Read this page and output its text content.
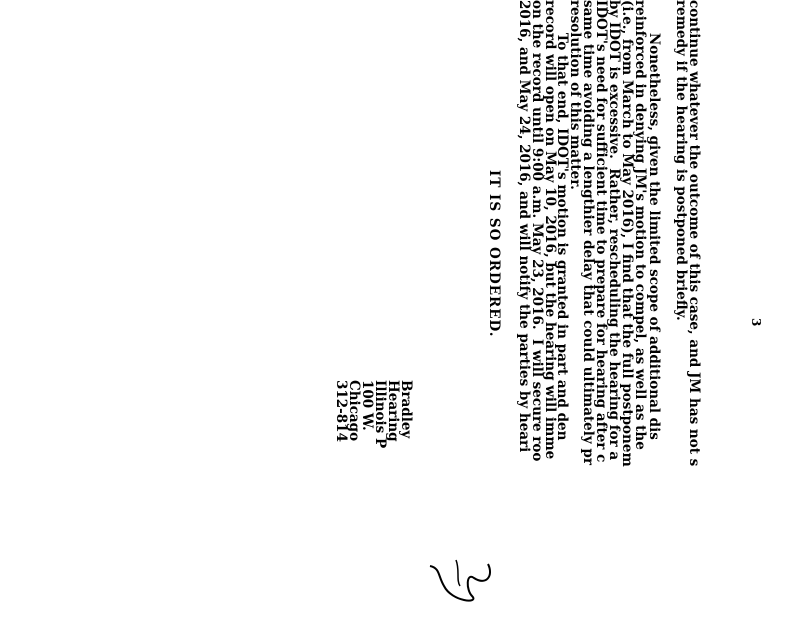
3
continue whatever the outcome of this case, and JM has not s
remedy if the hearing is postponed briefly.
Nonetheless, given the limited scope of additional dis
reinforced in denying JM's motion to compel, as well as the
(i.e., from March to May 2016), I find that the full postponem
by IDOT is excessive.  Rather, rescheduling the hearing for a
IDOT's need for sufficient time to prepare for hearing after c
same time avoiding a lengthier delay that could ultimately pr
resolution of this matter.
To that end, IDOT's motion is granted in part and den
record will open on May 10, 2016, but the hearing will imme
on the record until 9:00 a.m. May 23, 2016.  I will secure roo
2016, and May 24, 2016, and will notify the parties by heari
IT IS SO ORDERED.
Bradley
Hearing
Illinois P
100 W.
Chicago
312-814
